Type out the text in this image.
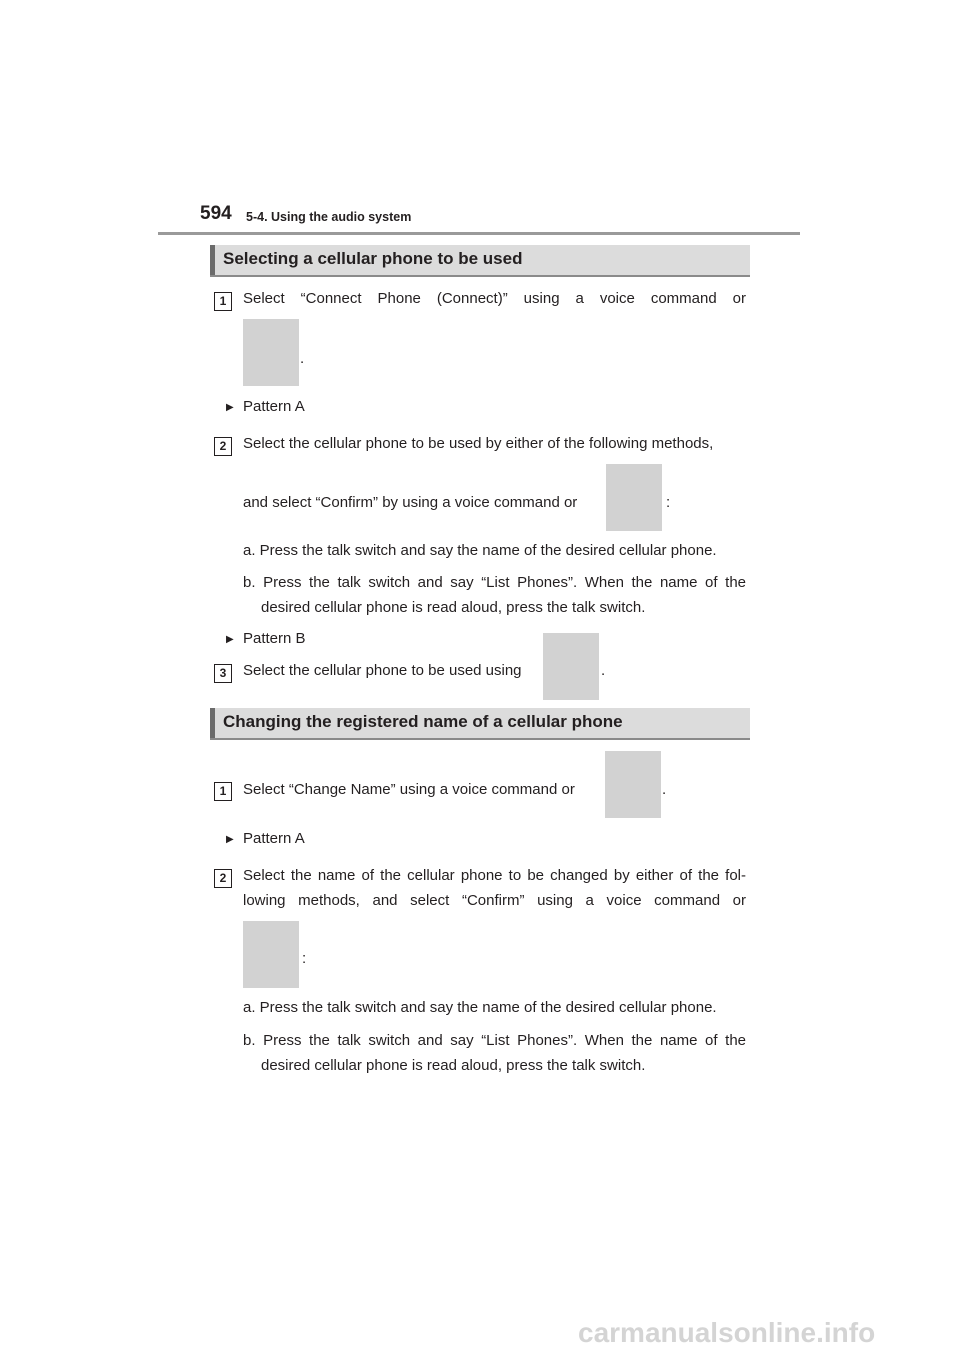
594 5-4. Using the audio system
Selecting a cellular phone to be used
1	Select “Connect Phone (Connect)” using a voice command or
.
▶ Pattern A
2	Select the cellular phone to be used by either of the following methods,
and select “Confirm” by using a voice command or	:
a. Press the talk switch and say the name of the desired cellular phone.
b. Press the talk switch and say “List Phones”. When the name of the
desired cellular phone is read aloud, press the talk switch.
▶ Pattern B
3	Select the cellular phone to be used using	.
Changing the registered name of a cellular phone
1	Select “Change Name” using a voice command or	.
▶ Pattern A
2	Select the name of the cellular phone to be changed by either of the fol-
lowing methods, and select “Confirm” using a voice command or
:
a. Press the talk switch and say the name of the desired cellular phone.
b. Press the talk switch and say “List Phones”. When the name of the
desired cellular phone is read aloud, press the talk switch.
carmanualsonline.info
